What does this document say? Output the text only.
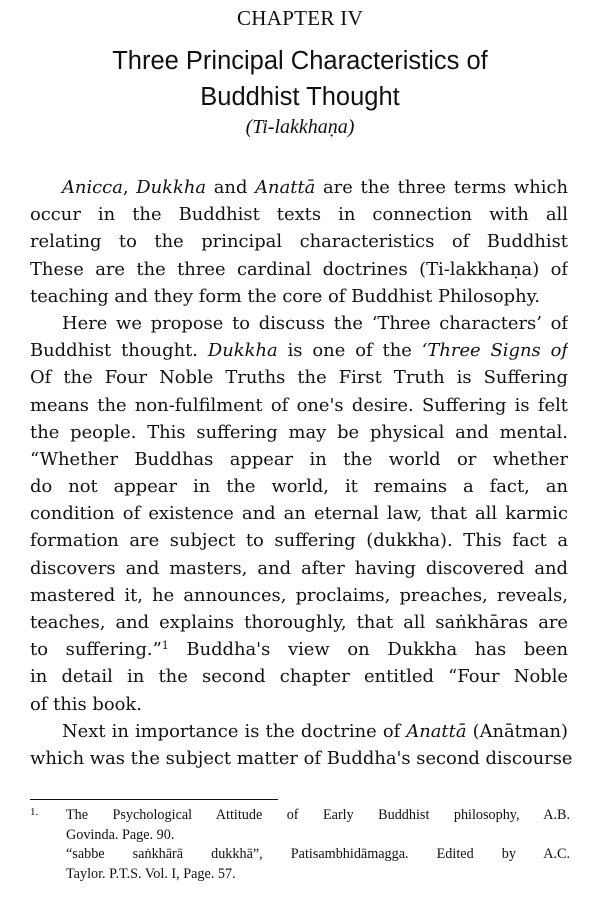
CHAPTER IV
Three Principal Characteristics of
Buddhist Thought
(Ti-lakkhaṇa)
Anicca, Dukkha and Anattā are the three terms which
occur in the Buddhist texts in connection with all
relating to the principal characteristics of Buddhist
These are the three cardinal doctrines (Ti-lakkhaṇa) of
teaching and they form the core of Buddhist Philosophy.
Here we propose to discuss the ‘Three characters’ of
Buddhist thought. Dukkha is one of the ‘Three Signs of
Of the Four Noble Truths the First Truth is Suffering
means the non-fulfilment of one's desire. Suffering is felt
the people. This suffering may be physical and mental.
“Whether Buddhas appear in the world or whether
do not appear in the world, it remains a fact, an
condition of existence and an eternal law, that all karmic
formation are subject to suffering (dukkha). This fact a
discovers and masters, and after having discovered and
mastered it, he announces, proclaims, preaches, reveals,
teaches, and explains thoroughly, that all saṅkhāras are
to suffering.”$^1$ Buddha's view on Dukkha has been
in detail in the second chapter entitled “Four Noble
of this book.
Next in importance is the doctrine of Anattā (Anātman)
which was the subject matter of Buddha's second discourse
1. The Psychological Attitude of Early Buddhist philosophy, A.B.
Govinda. Page. 90.
“sabbe saṅkhārā dukkhā”, Patisambhidāmagga. Edited by A.C.
Taylor. P.T.S. Vol. I, Page. 57.
